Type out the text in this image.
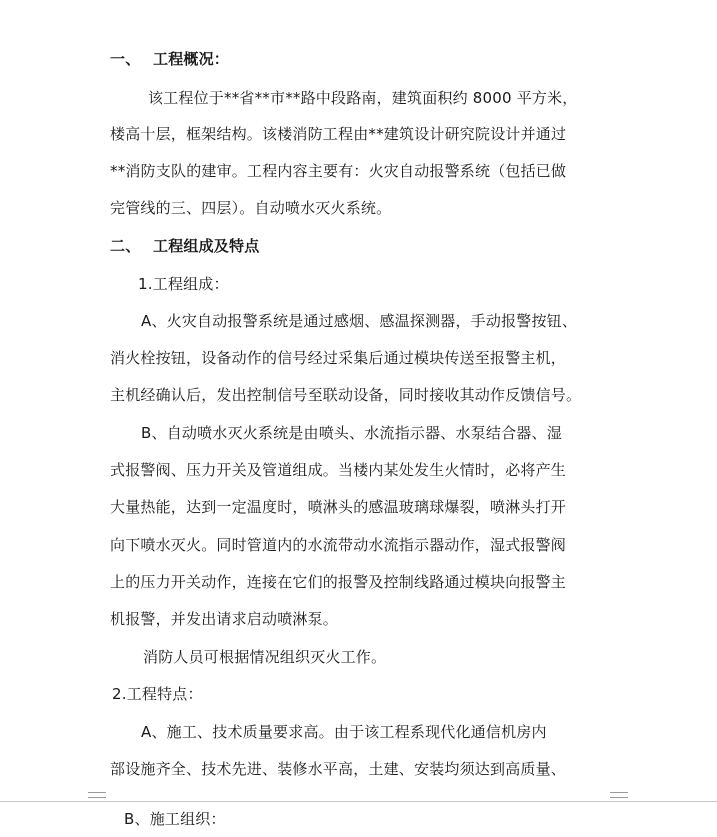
一、 工程概况：
该工程位于**省**市**路中段路南，建筑面积约 8000 平方米，
楼高十层，框架结构。该楼消防工程由**建筑设计研究院设计并通过
**消防支队的建审。工程内容主要有：火灾自动报警系统（包括已做
完管线的三、四层）。自动喷水灭火系统。
二、 工程组成及特点
1.工程组成：
A、火灾自动报警系统是通过感烟、感温探测器，手动报警按钮、
消火栓按钮，设备动作的信号经过采集后通过模块传送至报警主机，
主机经确认后，发出控制信号至联动设备，同时接收其动作反馈信号。
B、自动喷水灭火系统是由喷头、水流指示器、水泵结合器、湿
式报警阀、压力开关及管道组成。当楼内某处发生火情时，必将产生
大量热能，达到一定温度时，喷淋头的感温玻璃球爆裂，喷淋头打开
向下喷水灭火。同时管道内的水流带动水流指示器动作，湿式报警阀
上的压力开关动作，连接在它们的报警及控制线路通过模块向报警主
机报警，并发出请求启动喷淋泵。
消防人员可根据情况组织灭火工作。
2.工程特点：
A、施工、技术质量要求高。由于该工程系现代化通信机房内
部设施齐全、技术先进、装修水平高，土建、安装均须达到高质量、
B、施工组织：
